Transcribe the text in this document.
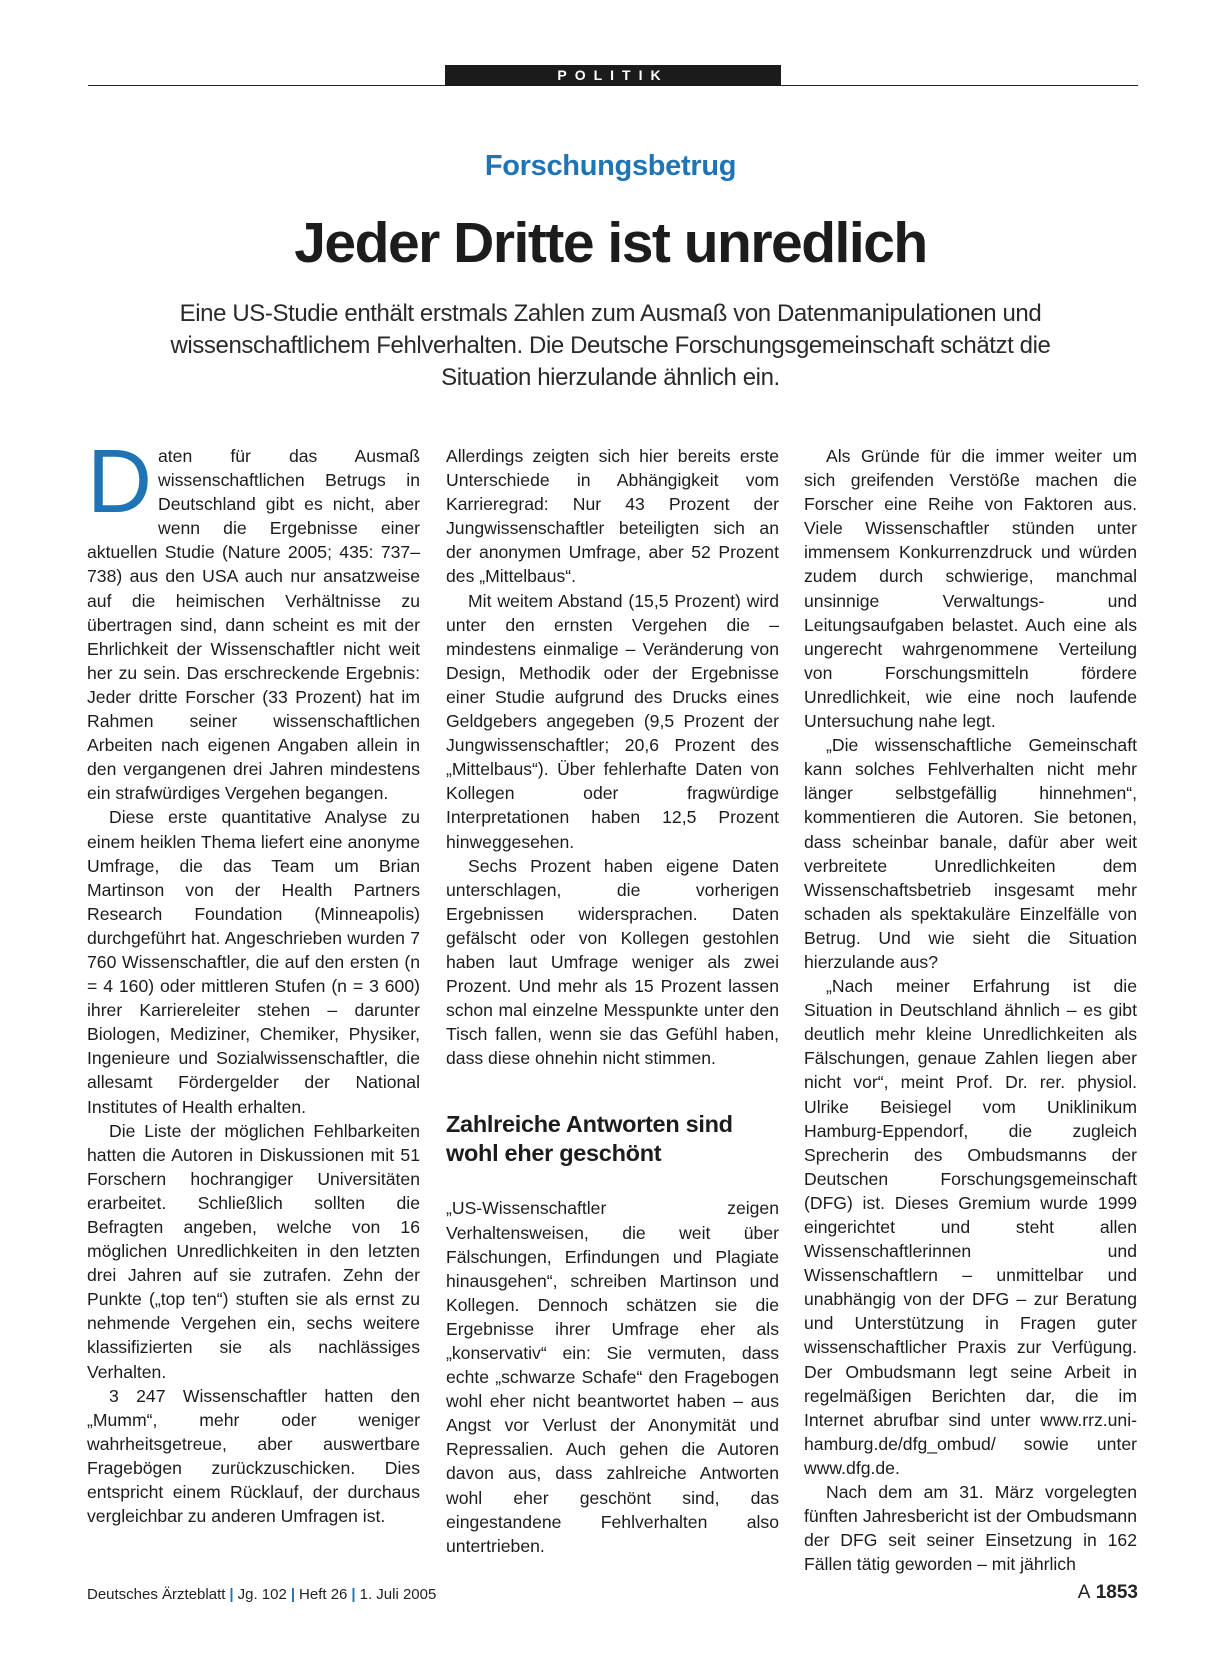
POLITIK
Forschungsbetrug
Jeder Dritte ist unredlich
Eine US-Studie enthält erstmals Zahlen zum Ausmaß von Datenmanipulationen und wissenschaftlichem Fehlverhalten. Die Deutsche Forschungsgemeinschaft schätzt die Situation hierzulande ähnlich ein.

Daten für das Ausmaß wissenschaftlichen Betrugs in Deutschland gibt es nicht, aber wenn die Ergebnisse einer aktuellen Studie (Nature 2005; 435: 737–738) aus den USA auch nur ansatzweise auf die heimischen Verhältnisse zu übertragen sind, dann scheint es mit der Ehrlichkeit der Wissenschaftler nicht weit her zu sein. Das erschreckende Ergebnis: Jeder dritte Forscher (33 Prozent) hat im Rahmen seiner wissenschaftlichen Arbeiten nach eigenen Angaben allein in den vergangenen drei Jahren mindestens ein strafwürdiges Vergehen begangen.

Diese erste quantitative Analyse zu einem heiklen Thema liefert eine anonyme Umfrage, die das Team um Brian Martinson von der Health Partners Research Foundation (Minneapolis) durchgeführt hat. Angeschrieben wurden 7 760 Wissenschaftler, die auf den ersten (n = 4 160) oder mittleren Stufen (n = 3 600) ihrer Karriereleiter stehen – darunter Biologen, Mediziner, Chemiker, Physiker, Ingenieure und Sozialwissenschaftler, die allesamt Fördergelder der National Institutes of Health erhalten.

Die Liste der möglichen Fehlbarkeiten hatten die Autoren in Diskussionen mit 51 Forschern hochrangiger Universitäten erarbeitet. Schließlich sollten die Befragten angeben, welche von 16 möglichen Unredlichkeiten in den letzten drei Jahren auf sie zutrafen. Zehn der Punkte („top ten“) stuften sie als ernst zu nehmende Vergehen ein, sechs weitere klassifizierten sie als nachlässiges Verhalten.

3 247 Wissenschaftler hatten den „Mumm“, mehr oder weniger wahrheitsgetreue, aber auswertbare Fragebögen zurückzuschicken. Dies entspricht einem Rücklauf, der durchaus vergleichbar zu anderen Umfragen ist.

Allerdings zeigten sich hier bereits erste Unterschiede in Abhängigkeit vom Karrieregrad: Nur 43 Prozent der Jungwissenschaftler beteiligten sich an der anonymen Umfrage, aber 52 Prozent des „Mittelbaus“.

Mit weitem Abstand (15,5 Prozent) wird unter den ernsten Vergehen die – mindestens einmalige – Veränderung von Design, Methodik oder der Ergebnisse einer Studie aufgrund des Drucks eines Geldgebers angegeben (9,5 Prozent der Jungwissenschaftler; 20,6 Prozent des „Mittelbaus“). Über fehlerhafte Daten von Kollegen oder fragwürdige Interpretationen haben 12,5 Prozent hinweggesehen.

Sechs Prozent haben eigene Daten unterschlagen, die vorherigen Ergebnissen widersprachen. Daten gefälscht oder von Kollegen gestohlen haben laut Umfrage weniger als zwei Prozent. Und mehr als 15 Prozent lassen schon mal einzelne Messpunkte unter den Tisch fallen, wenn sie das Gefühl haben, dass diese ohnehin nicht stimmen.

Zahlreiche Antworten sind wohl eher geschönt

„US-Wissenschaftler zeigen Verhaltensweisen, die weit über Fälschungen, Erfindungen und Plagiate hinausgehen“, schreiben Martinson und Kollegen. Dennoch schätzen sie die Ergebnisse ihrer Umfrage eher als „konservativ“ ein: Sie vermuten, dass echte „schwarze Schafe“ den Fragebogen wohl eher nicht beantwortet haben – aus Angst vor Verlust der Anonymität und Repressalien. Auch gehen die Autoren davon aus, dass zahlreiche Antworten wohl eher geschönt sind, das eingestandene Fehlverhalten also untertrieben.

Als Gründe für die immer weiter um sich greifenden Verstöße machen die Forscher eine Reihe von Faktoren aus. Viele Wissenschaftler stünden unter immensem Konkurrenzdruck und würden zudem durch schwierige, manchmal unsinnige Verwaltungs- und Leitungsaufgaben belastet. Auch eine als ungerecht wahrgenommene Verteilung von Forschungsmitteln fördere Unredlichkeit, wie eine noch laufende Untersuchung nahe legt.

„Die wissenschaftliche Gemeinschaft kann solches Fehlverhalten nicht mehr länger selbstgefällig hinnehmen“, kommentieren die Autoren. Sie betonen, dass scheinbar banale, dafür aber weit verbreitete Unredlichkeiten dem Wissenschaftsbetrieb insgesamt mehr schaden als spektakuläre Einzelfälle von Betrug. Und wie sieht die Situation hierzulande aus?

„Nach meiner Erfahrung ist die Situation in Deutschland ähnlich – es gibt deutlich mehr kleine Unredlichkeiten als Fälschungen, genaue Zahlen liegen aber nicht vor“, meint Prof. Dr. rer. physiol. Ulrike Beisiegel vom Uniklinikum Hamburg-Eppendorf, die zugleich Sprecherin des Ombudsmanns der Deutschen Forschungsgemeinschaft (DFG) ist. Dieses Gremium wurde 1999 eingerichtet und steht allen Wissenschaftlerinnen und Wissenschaftlern – unmittelbar und unabhängig von der DFG – zur Beratung und Unterstützung in Fragen guter wissenschaftlicher Praxis zur Verfügung. Der Ombudsmann legt seine Arbeit in regelmäßigen Berichten dar, die im Internet abrufbar sind unter www.rrz.uni-hamburg.de/dfg_ombud/ sowie unter www.dfg.de.

Nach dem am 31. März vorgelegten fünften Jahresbericht ist der Ombudsmann der DFG seit seiner Einsetzung in 162 Fällen tätig geworden – mit jährlich

Deutsches Ärzteblatt | Jg. 102 | Heft 26 | 1. Juli 2005	A 1853
